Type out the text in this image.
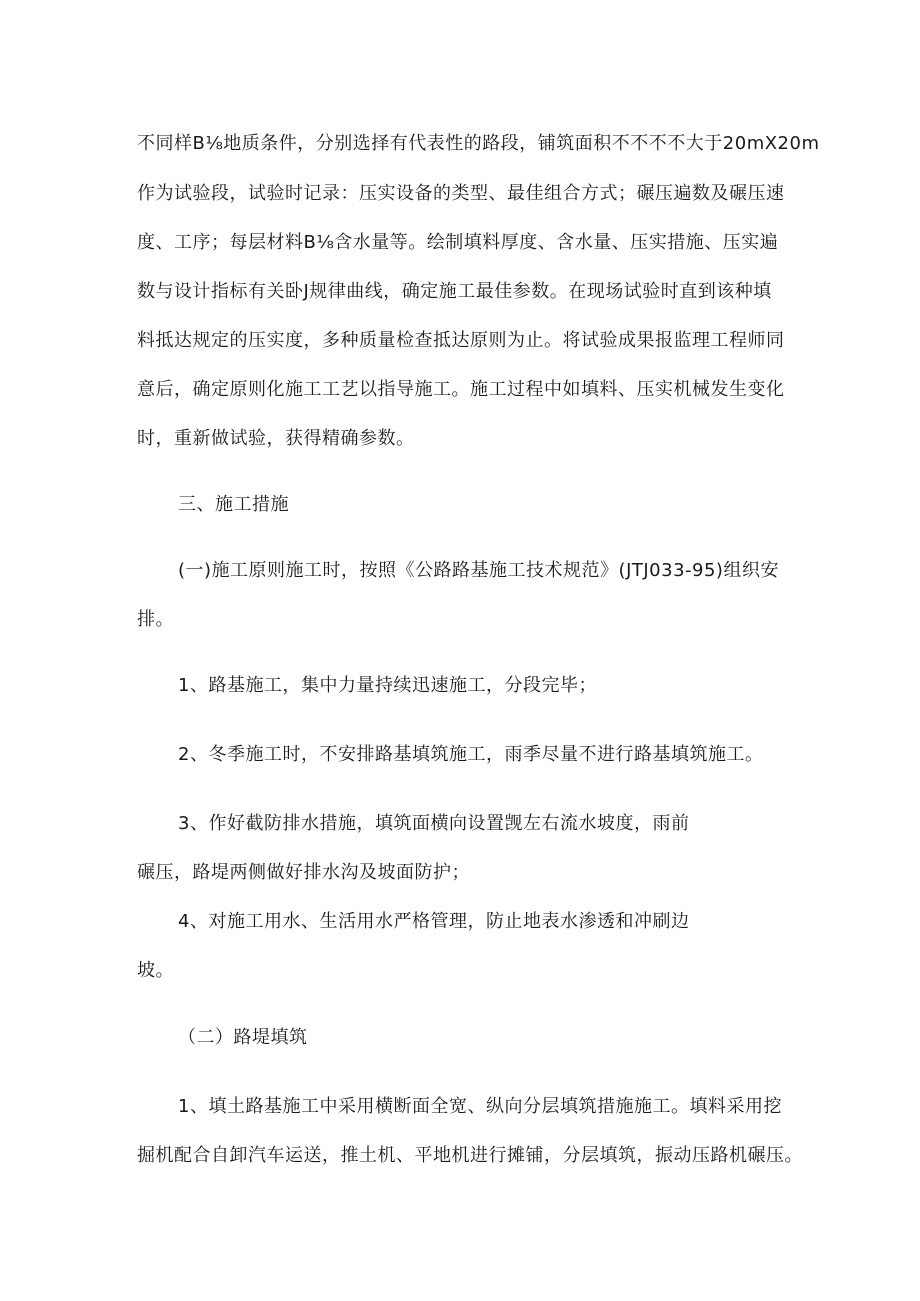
不同样B⅛地质条件，分别选择有代表性的路段，铺筑面积不不不不大于20mX20m
作为试验段，试验时记录：压实设备的类型、最佳组合方式；碾压遍数及碾压速
度、工序；每层材料B⅛含水量等。绘制填料厚度、含水量、压实措施、压实遍
数与设计指标有关卧J规律曲线，确定施工最佳参数。在现场试验时直到该种填
料抵达规定的压实度，多种质量检查抵达原则为止。将试验成果报监理工程师同
意后，确定原则化施工工艺以指导施工。施工过程中如填料、压实机械发生变化
时，重新做试验，获得精确参数。
三、施工措施
(一)施工原则施工时，按照《公路路基施工技术规范》(JTJ033-95)组织安
排。
1、路基施工，集中力量持续迅速施工，分段完毕；
2、冬季施工时，不安排路基填筑施工，雨季尽量不进行路基填筑施工。
3、作好截防排水措施，填筑面横向设置觊左右流水坡度，雨前
碾压，路堤两侧做好排水沟及坡面防护；
4、对施工用水、生活用水严格管理，防止地表水渗透和冲刷边
坡。
（二）路堤填筑
1、填土路基施工中采用横断面全宽、纵向分层填筑措施施工。填料采用挖
掘机配合自卸汽车运送，推土机、平地机进行摊铺，分层填筑，振动压路机碾压。
